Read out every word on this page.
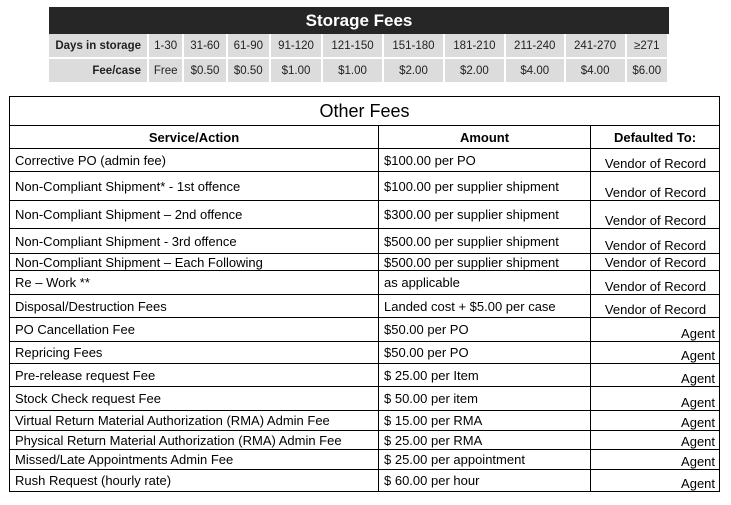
Storage Fees
Days in storage	1-30	31-60	61-90	91-120	121-150	151-180	181-210	211-240	241-270	≥271
Fee/case	Free	$0.50	$0.50	$1.00	$1.00	$2.00	$2.00	$4.00	$4.00	$6.00
Other Fees		
Service/Action	Amount	Defaulted To:
Corrective PO (admin fee)	$100.00 per PO	Vendor of Record
Non-Compliant Shipment* - 1st offence	$100.00 per supplier shipment	Vendor of Record
Non-Compliant Shipment – 2nd offence	$300.00 per supplier shipment	Vendor of Record
Non-Compliant Shipment - 3rd offence	$500.00 per supplier shipment	Vendor of Record
Non-Compliant Shipment – Each Following	$500.00 per supplier shipment	Vendor of Record
Re – Work **	as applicable	Vendor of Record
Disposal/Destruction Fees	Landed cost + $5.00 per case	Vendor of Record
PO Cancellation Fee	$50.00 per PO	Agent
Repricing Fees	$50.00 per PO	Agent
Pre-release request Fee	$ 25.00 per Item	Agent
Stock Check request Fee	$ 50.00 per item	Agent
Virtual Return Material Authorization (RMA) Admin Fee	$ 15.00 per RMA	Agent
Physical Return Material Authorization (RMA) Admin Fee	$ 25.00 per RMA	Agent
Missed/Late Appointments Admin Fee	$ 25.00 per appointment	Agent
Rush Request (hourly rate)	$ 60.00 per hour	Agent
